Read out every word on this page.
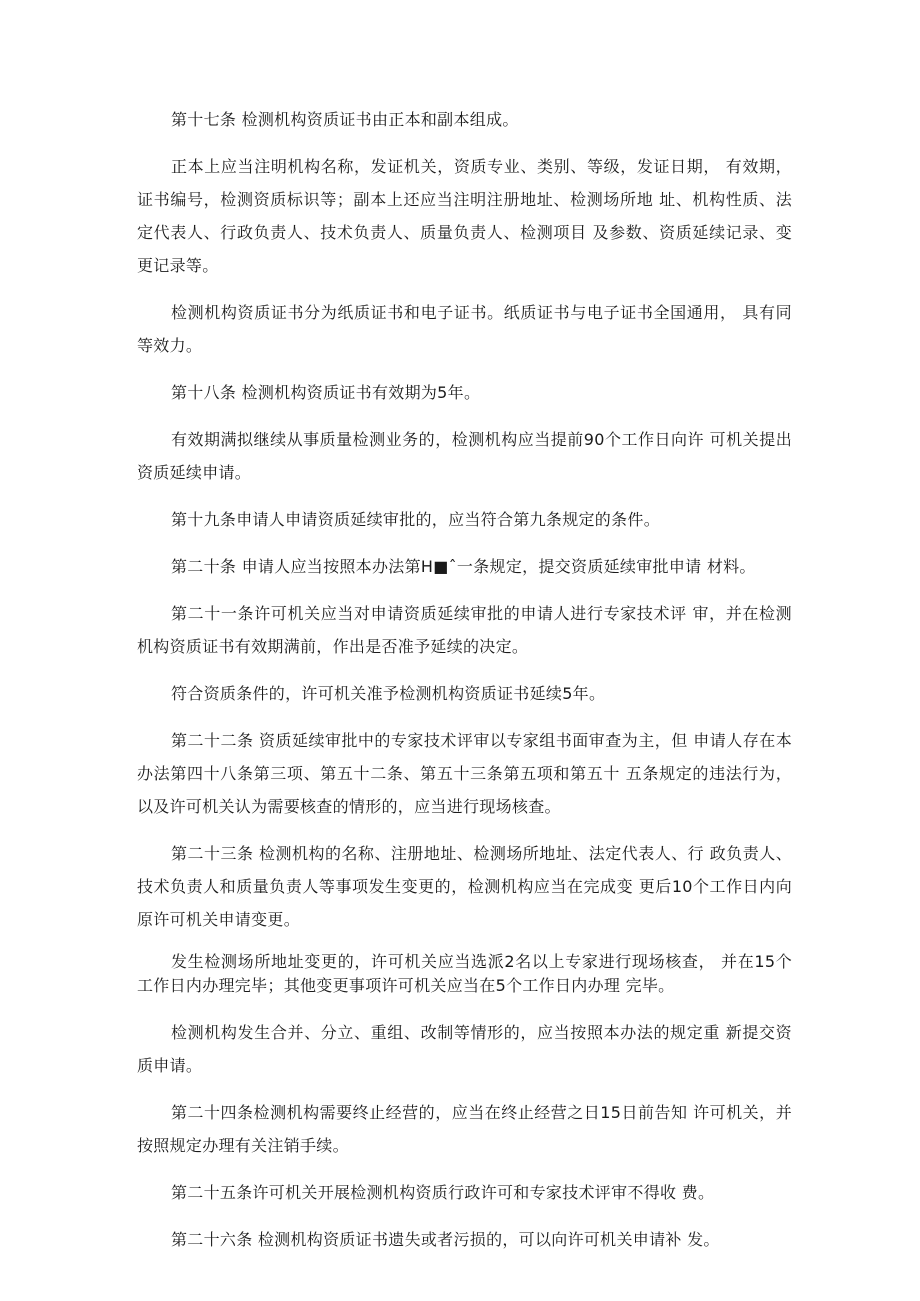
第十七条 检测机构资质证书由正本和副本组成。

正本上应当注明机构名称，发证机关，资质专业、类别、等级，发证日期， 有效期，证书编号，检测资质标识等；副本上还应当注明注册地址、检测场所地 址、机构性质、法定代表人、行政负责人、技术负责人、质量负责人、检测项目 及参数、资质延续记录、变更记录等。

检测机构资质证书分为纸质证书和电子证书。纸质证书与电子证书全国通用， 具有同等效力。

第十八条 检测机构资质证书有效期为5年。

有效期满拟继续从事质量检测业务的，检测机构应当提前90个工作日向许 可机关提出资质延续申请。

第十九条申请人申请资质延续审批的，应当符合第九条规定的条件。

第二十条 申请人应当按照本办法第H■ˆ一条规定，提交资质延续审批申请 材料。

第二十一条许可机关应当对申请资质延续审批的申请人进行专家技术评 审，并在检测机构资质证书有效期满前，作出是否准予延续的决定。

符合资质条件的，许可机关准予检测机构资质证书延续5年。

第二十二条 资质延续审批中的专家技术评审以专家组书面审查为主，但 申请人存在本办法第四十八条第三项、第五十二条、第五十三条第五项和第五十 五条规定的违法行为，以及许可机关认为需要核查的情形的，应当进行现场核查。

第二十三条 检测机构的名称、注册地址、检测场所地址、法定代表人、行 政负责人、技术负责人和质量负责人等事项发生变更的，检测机构应当在完成变 更后10个工作日内向原许可机关申请变更。

发生检测场所地址变更的，许可机关应当选派2名以上专家进行现场核查， 并在15个工作日内办理完毕；其他变更事项许可机关应当在5个工作日内办理 完毕。

检测机构发生合并、分立、重组、改制等情形的，应当按照本办法的规定重 新提交资质申请。

第二十四条检测机构需要终止经营的，应当在终止经营之日15日前告知 许可机关，并按照规定办理有关注销手续。

第二十五条许可机关开展检测机构资质行政许可和专家技术评审不得收 费。

第二十六条 检测机构资质证书遗失或者污损的，可以向许可机关申请补 发。
